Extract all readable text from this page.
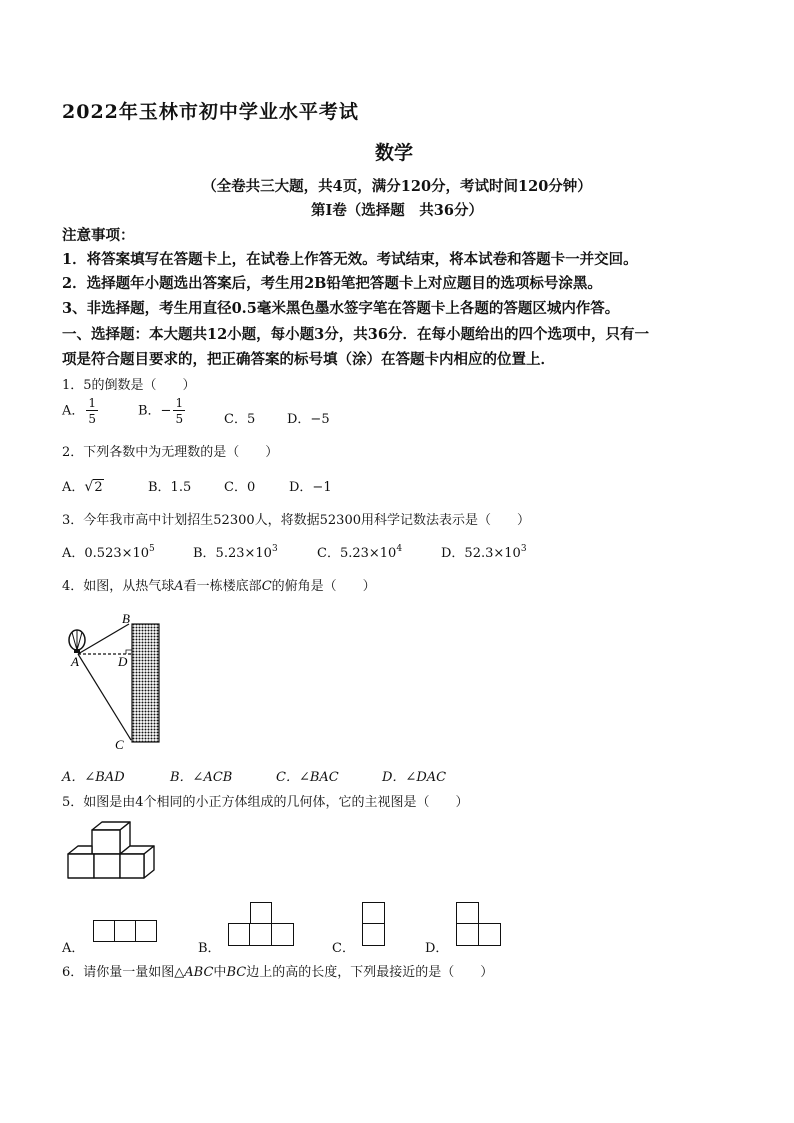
2022年玉林市初中学业水平考试
数学
（全卷共三大题，共4页，满分120分，考试时间120分钟）
第Ⅰ卷（选择题　共36分）
注意事项：
1．将答案填写在答题卡上，在试卷上作答无效。考试结束，将本试卷和答题卡一并交回。
2．选择题年小题选出答案后，考生用2B铅笔把答题卡上对应题目的选项标号涂黑。
3、非选择题，考生用直径0.5毫米黑色墨水签字笔在答题卡上各题的答题区城内作答。
一、选择题：本大题共12小题，每小题3分，共36分．在每小题给出的四个选项中，只有一
项是符合题目要求的，把正确答案的标号填（涂）在答题卡内相应的位置上．
1．5的倒数是（　　）
A． $\frac{1}{5}$	B．− $\frac{1}{5}$	C．5 D．−5
2．下列各数中为无理数的是（　　）
A．√2	B．1.5	C．0	D．−1
3．今年我市高中计划招生52300人，将数据52300用科学记数法表示是（　　）
A．$0.523\times 10^5$	B．$5.23\times 10^3$	C．$5.23\times 10^4$	D．$52.3\times 10^3$
4．如图，从热气球A看一栋楼底部C的俯角是（　　）
B
A	D
C
A．∠BAD	B．∠ACB	C．∠BAC	D．∠DAC
5．如图是由4个相同的小正方体组成的几何体，它的主视图是（　　）
A．	B．	C．	D．
6．请你量一量如图△ABC中BC边上的高的长度，下列最接近的是（　　）
